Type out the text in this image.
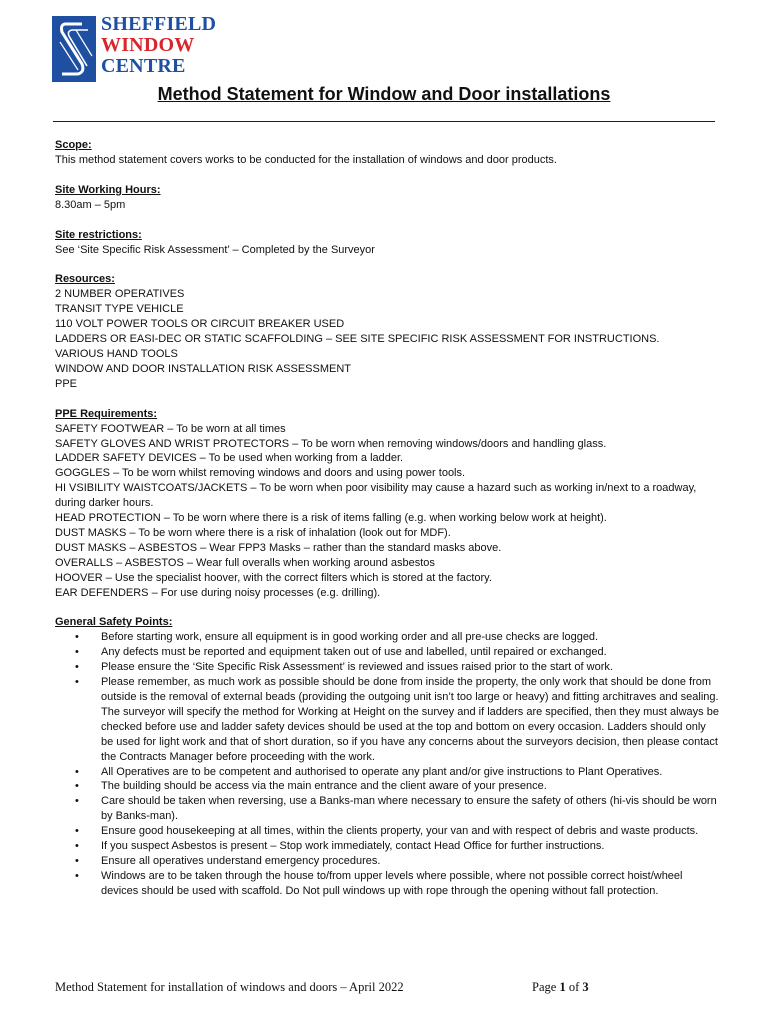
SHEFFIELD
WINDOW
CENTRE
Method Statement for Window and Door installations
Scope:
This method statement covers works to be conducted for the installation of windows and door products.
Site Working Hours:
8.30am – 5pm
Site restrictions:
See ‘Site Specific Risk Assessment’ – Completed by the Surveyor
Resources:
2 NUMBER OPERATIVES
TRANSIT TYPE VEHICLE
110 VOLT POWER TOOLS OR CIRCUIT BREAKER USED
LADDERS OR EASI-DEC OR STATIC SCAFFOLDING – SEE SITE SPECIFIC RISK ASSESSMENT FOR INSTRUCTIONS.
VARIOUS HAND TOOLS
WINDOW AND DOOR INSTALLATION RISK ASSESSMENT
PPE
PPE Requirements:
SAFETY FOOTWEAR – To be worn at all times
SAFETY GLOVES AND WRIST PROTECTORS – To be worn when removing windows/doors and handling glass.
LADDER SAFETY DEVICES – To be used when working from a ladder.
GOGGLES – To be worn whilst removing windows and doors and using power tools.
HI VSIBILITY WAISTCOATS/JACKETS – To be worn when poor visibility may cause a hazard such as working in/next to a roadway, during darker hours.
HEAD PROTECTION – To be worn where there is a risk of items falling (e.g. when working below work at height).
DUST MASKS – To be worn where there is a risk of inhalation (look out for MDF).
DUST MASKS – ASBESTOS – Wear FPP3 Masks – rather than the standard masks above.
OVERALLS – ASBESTOS – Wear full overalls when working around asbestos
HOOVER – Use the specialist hoover, with the correct filters which is stored at the factory.
EAR DEFENDERS – For use during noisy processes (e.g. drilling).
General Safety Points:
• Before starting work, ensure all equipment is in good working order and all pre-use checks are logged.
• Any defects must be reported and equipment taken out of use and labelled, until repaired or exchanged.
• Please ensure the ‘Site Specific Risk Assessment’ is reviewed and issues raised prior to the start of work.
• Please remember, as much work as possible should be done from inside the property, the only work that should be done from outside is the removal of external beads (providing the outgoing unit isn’t too large or heavy) and fitting architraves and sealing. The surveyor will specify the method for Working at Height on the survey and if ladders are specified, then they must always be checked before use and ladder safety devices should be used at the top and bottom on every occasion. Ladders should only be used for light work and that of short duration, so if you have any concerns about the surveyors decision, then please contact the Contracts Manager before proceeding with the work.
• All Operatives are to be competent and authorised to operate any plant and/or give instructions to Plant Operatives.
• The building should be access via the main entrance and the client aware of your presence.
• Care should be taken when reversing, use a Banks-man where necessary to ensure the safety of others (hi-vis should be worn by Banks-man).
• Ensure good housekeeping at all times, within the clients property, your van and with respect of debris and waste products.
• If you suspect Asbestos is present – Stop work immediately, contact Head Office for further instructions.
• Ensure all operatives understand emergency procedures.
• Windows are to be taken through the house to/from upper levels where possible, where not possible correct hoist/wheel devices should be used with scaffold. Do Not pull windows up with rope through the opening without fall protection.
Method Statement for installation of windows and doors – April 2022	Page 1 of 3
